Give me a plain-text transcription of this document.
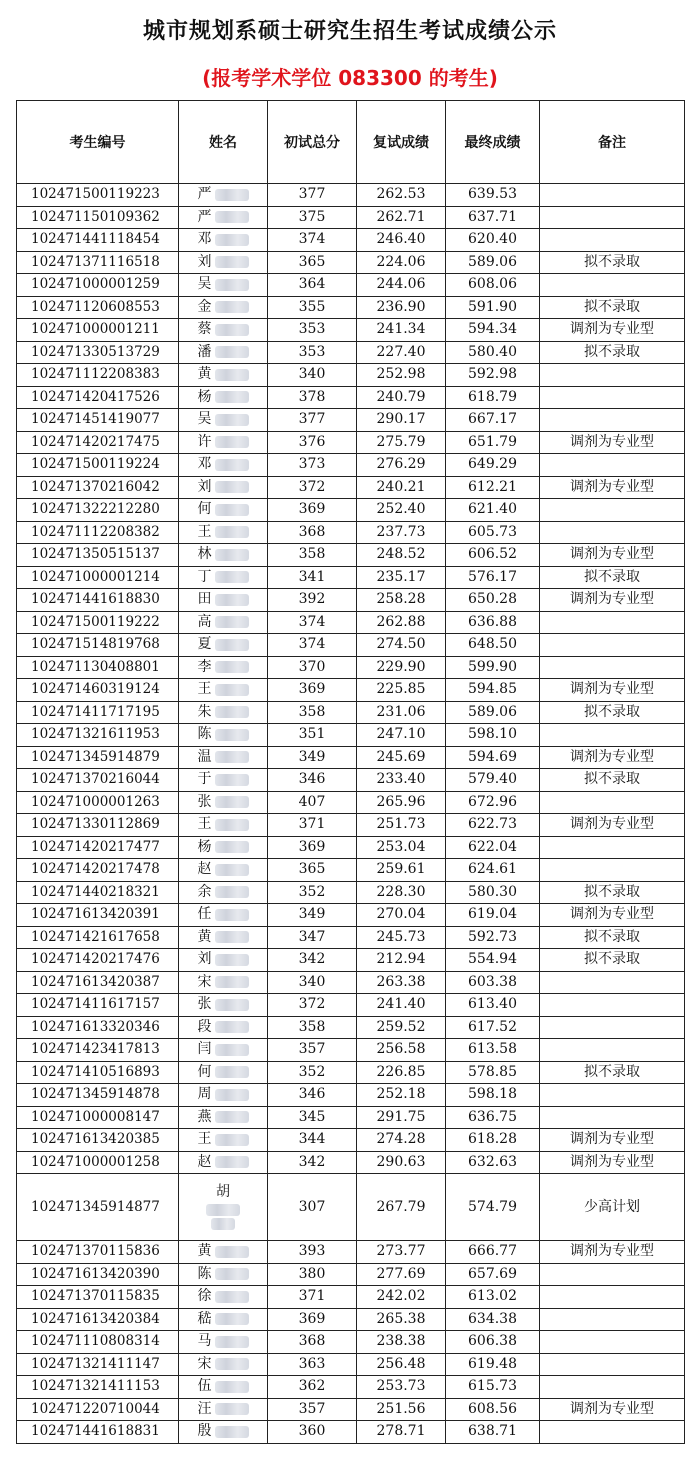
城市规划系硕士研究生招生考试成绩公示
(报考学术学位 083300 的考生)
考生编号	姓名	初试总分	复试成绩	最终成绩	备注
102471500119223	严	377	262.53	639.53	
102471150109362	严	375	262.71	637.71	
102471441118454	邓	374	246.40	620.40	
102471371116518	刘	365	224.06	589.06	拟不录取
102471000001259	吴	364	244.06	608.06	
102471120608553	金	355	236.90	591.90	拟不录取
102471000001211	蔡	353	241.34	594.34	调剂为专业型
102471330513729	潘	353	227.40	580.40	拟不录取
102471112208383	黄	340	252.98	592.98	
102471420417526	杨	378	240.79	618.79	
102471451419077	吴	377	290.17	667.17	
102471420217475	许	376	275.79	651.79	调剂为专业型
102471500119224	邓	373	276.29	649.29	
102471370216042	刘	372	240.21	612.21	调剂为专业型
102471322212280	何	369	252.40	621.40	
102471112208382	王	368	237.73	605.73	
102471350515137	林	358	248.52	606.52	调剂为专业型
102471000001214	丁	341	235.17	576.17	拟不录取
102471441618830	田	392	258.28	650.28	调剂为专业型
102471500119222	高	374	262.88	636.88	
102471514819768	夏	374	274.50	648.50	
102471130408801	李	370	229.90	599.90	
102471460319124	王	369	225.85	594.85	调剂为专业型
102471411717195	朱	358	231.06	589.06	拟不录取
102471321611953	陈	351	247.10	598.10	
102471345914879	温	349	245.69	594.69	调剂为专业型
102471370216044	于	346	233.40	579.40	拟不录取
102471000001263	张	407	265.96	672.96	
102471330112869	王	371	251.73	622.73	调剂为专业型
102471420217477	杨	369	253.04	622.04	
102471420217478	赵	365	259.61	624.61	
102471440218321	余	352	228.30	580.30	拟不录取
102471613420391	任	349	270.04	619.04	调剂为专业型
102471421617658	黄	347	245.73	592.73	拟不录取
102471420217476	刘	342	212.94	554.94	拟不录取
102471613420387	宋	340	263.38	603.38	
102471411617157	张	372	241.40	613.40	
102471613320346	段	358	259.52	617.52	
102471423417813	闫	357	256.58	613.58	
102471410516893	何	352	226.85	578.85	拟不录取
102471345914878	周	346	252.18	598.18	
102471000008147	燕	345	291.75	636.75	
102471613420385	王	344	274.28	618.28	调剂为专业型
102471000001258	赵	342	290.63	632.63	调剂为专业型
102471345914877	胡	307	267.79	574.79	少高计划
102471370115836	黄	393	273.77	666.77	调剂为专业型
102471613420390	陈	380	277.69	657.69	
102471370115835	徐	371	242.02	613.02	
102471613420384	嵇	369	265.38	634.38	
102471110808314	马	368	238.38	606.38	
102471321411147	宋	363	256.48	619.48	
102471321411153	伍	362	253.73	615.73	
102471220710044	汪	357	251.56	608.56	调剂为专业型
102471441618831	殷	360	278.71	638.71	
